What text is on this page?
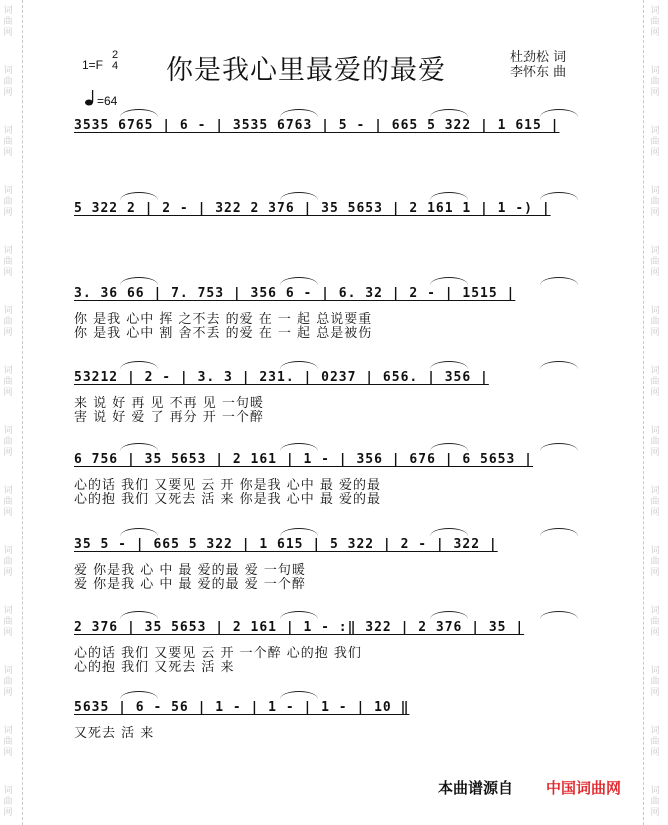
词
曲
网
词
曲
网
词
曲
网
词
曲
网
词
曲
网
词
曲
网
词
曲
网
词
曲
网
词
曲
网
词
曲
网
词
曲
网
词
曲
网
词
曲
网
词
曲
网
词
曲
网
词
曲
网
词
曲
网
词
曲
网
词
曲
网
词
曲
网
词
曲
网
词
曲
网
词
曲
网
词
曲
网
词
曲
网
词
曲
网
词
曲
网
词
曲
网
1=F
2
4 你是我心里最爱的最爱	杜劲松 词
李怀东 曲
=64
3535 6765 | 6 - | 3535 6763 | 5 - | 665 5 322 | 1 615 |
5 322 2 | 2 - | 322 2 376 | 35 5653 | 2 161 1 | 1 -) |
3. 36 66 | 7. 753 | 356 6 - | 6. 32 | 2 - | 1515 |
你 是我 心中 挥 之不去 的爱 在 一 起 总说要重
你 是我 心中 割 舍不丢 的爱 在 一 起 总是被伤
53212 | 2 - | 3. 3 | 231. | 0237 | 656. | 356 |
来 说 好 再 见 不再 见 一句暖
害 说 好 爱 了 再分 开 一个醉
6 756 | 35 5653 | 2 161 | 1 - | 356 | 676 | 6 5653 |
心的话 我们 又要见 云 开 你是我 心中 最 爱的最
心的抱 我们 又死去 活 来 你是我 心中 最 爱的最
35 5 - | 665 5 322 | 1 615 | 5 322 | 2 - | 322 |
爱 你是我 心 中 最 爱的最 爱 一句暖
爱 你是我 心 中 最 爱的最 爱 一个醉
2 376 | 35 5653 | 2 161 | 1 - :‖ 322 | 2 376 | 35 |
心的话 我们 又要见 云 开 一个醉 心的抱 我们
心的抱 我们 又死去 活 来
5635 | 6 - 56 | 1 - | 1 - | 1 - | 10 ‖
又死去 活 来
本曲谱源自 中国词曲网
